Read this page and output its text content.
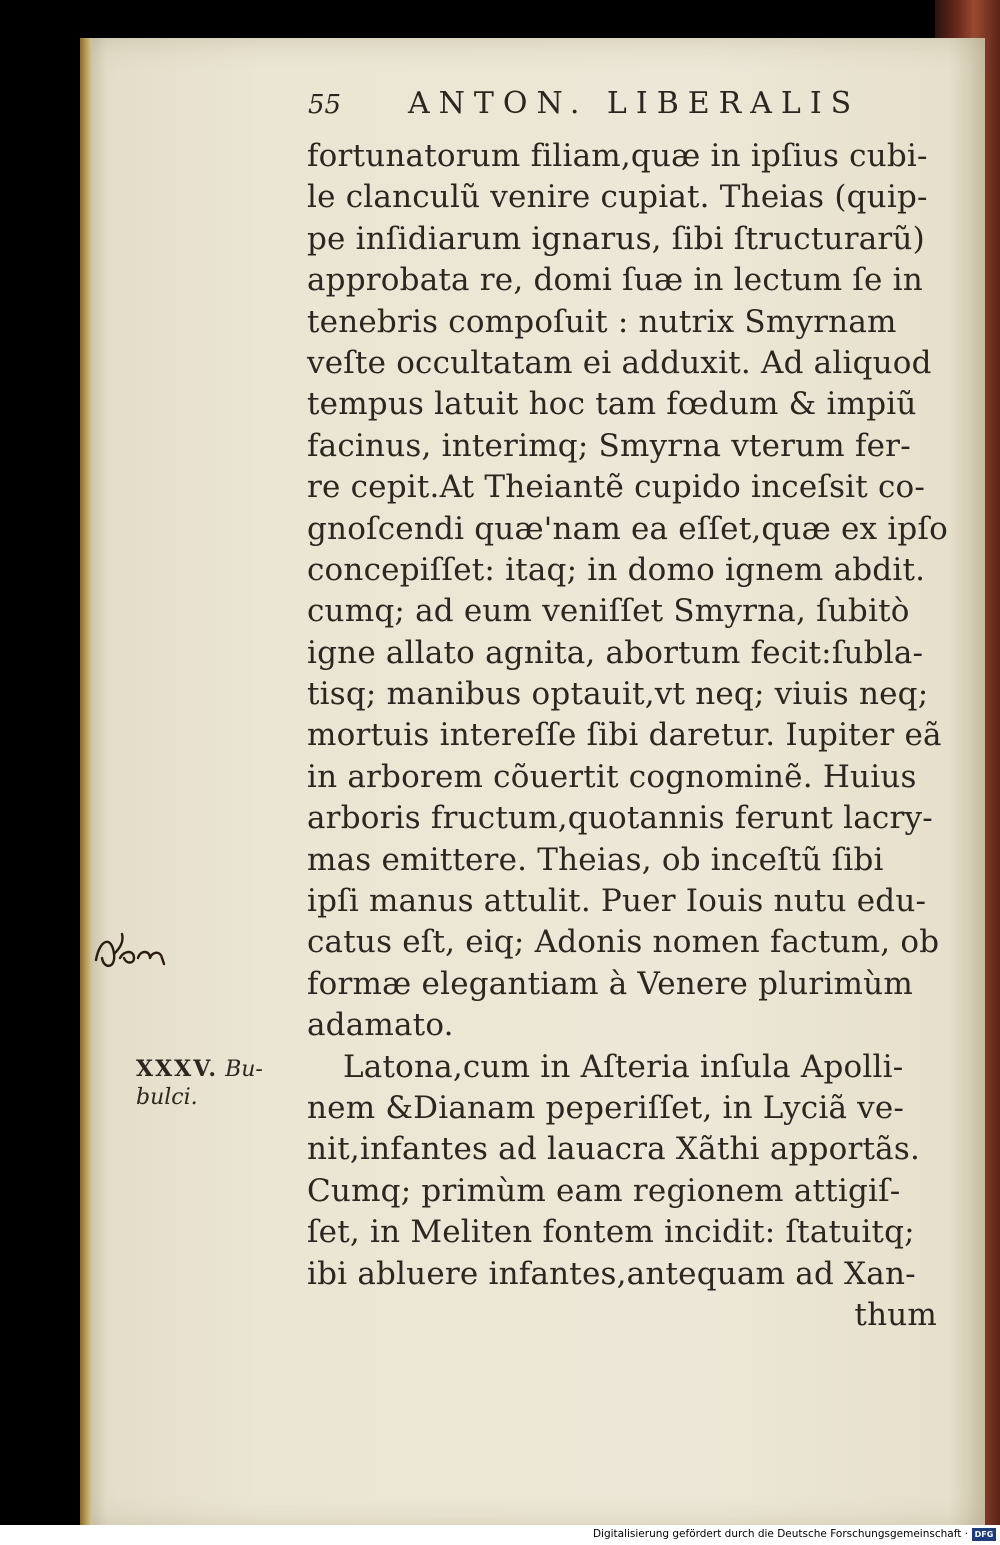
55 ANTON. LIBERALIS
fortunatorum filiam,quæ in ipſius cubi-
le clanculũ venire cupiat. Theias (quip-
pe inſidiarum ignarus, ſibi ſtructurarũ)
approbata re, domi ſuæ in lectum ſe in
tenebris compoſuit : nutrix Smyrnam
veſte occultatam ei adduxit. Ad aliquod
tempus latuit hoc tam fœdum & impiũ
facinus, interimq; Smyrna vterum fer-
re cepit.At Theiantẽ cupido inceſsit co-
gnoſcendi quæ'nam ea eſſet,quæ ex ipſo
concepiſſet: itaq; in domo ignem abdit.
cumq; ad eum veniſſet Smyrna, ſubitò
igne allato agnita, abortum fecit:ſubla-
tisq; manibus optauit,vt neq; viuis neq;
mortuis intereſſe ſibi daretur. Iupiter eã
in arborem cõuertit cognominẽ. Huius
arboris fructum,quotannis ferunt lacry-
mas emittere. Theias, ob inceſtũ ſibi
ipſi manus attulit. Puer Iouis nutu edu-
catus eſt, eiq; Adonis nomen factum, ob
formæ elegantiam à Venere plurimùm
adamato.
Latona,cum in Aſteria inſula Apolli-
nem &Dianam peperiſſet, in Lyciã ve-
nit,infantes ad lauacra Xãthi apportãs.
Cumq; primùm eam regionem attigiſ-
ſet, in Meliten fontem incidit: ſtatuitq;
ibi abluere infantes,antequam ad Xan-
thum
XXXV. Bu-
bulci.
Digitalisierung gefördert durch die Deutsche Forschungsgemeinschaft · DFG
